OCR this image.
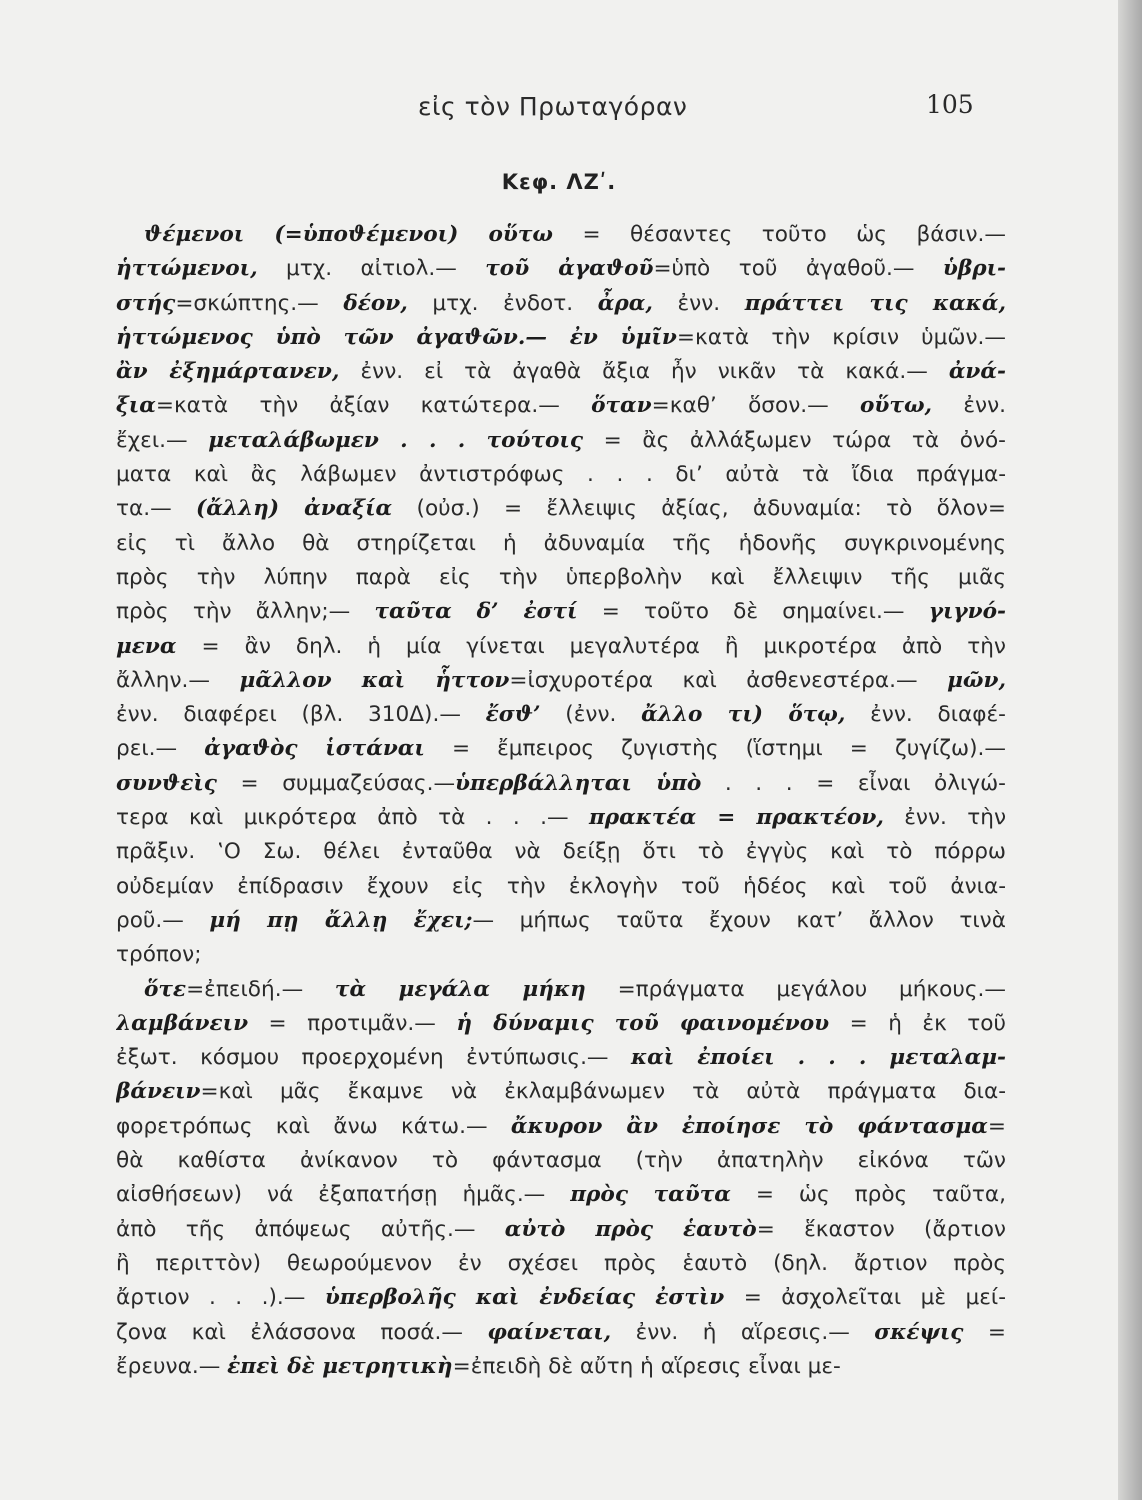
εἰς τὸν Πρωταγόραν	105
Κεφ. ΛΖʹ.
ϑέμενοι (=ὑποϑέμενοι) οὕτω = θέσαντες τοῦτο ὡς βάσιν.—
ἡττώμενοι, μτχ. αἰτιολ.— τοῦ ἀγαϑοῦ=ὑπὸ τοῦ ἀγαθοῦ.— ὑβρι-
στής=σκώπτης.— δέον, μτχ. ἐνδοτ. ἆρα, ἐνν. πράττει τις κακά,
ἡττώμενος ὑπὸ τῶν ἀγαϑῶν.— ἐν ὑμῖν=κατὰ τὴν κρίσιν ὑμῶν.—
ἂν ἐξημάρτανεν, ἐνν. εἰ τὰ ἀγαθὰ ἄξια ἦν νικᾶν τὰ κακά.— ἀνά-
ξια=κατὰ τὴν ἀξίαν κατώτερα.— ὅταν=καθ’ ὅσον.— οὕτω, ἐνν.
ἔχει.— μεταλάβωμεν . . . τούτοις = ἂς ἀλλάξωμεν τώρα τὰ ὀνό-
ματα καὶ ἂς λάβωμεν ἀντιστρόφως . . . δι’ αὐτὰ τὰ ἴδια πράγμα-
τα.— (ἄλλη) ἀναξία (οὐσ.) = ἔλλειψις ἀξίας, ἀδυναμία: τὸ ὅλον=
εἰς τὶ ἄλλο θὰ στηρίζεται ἡ ἀδυναμία τῆς ἡδονῆς συγκρινομένης
πρὸς τὴν λύπην παρὰ εἰς τὴν ὑπερβολὴν καὶ ἔλλειψιν τῆς μιᾶς
πρὸς τὴν ἄλλην;— ταῦτα δ’ ἐστί = τοῦτο δὲ σημαίνει.— γιγνό-
μενα = ἂν δηλ. ἡ μία γίνεται μεγαλυτέρα ἢ μικροτέρα ἀπὸ τὴν
ἄλλην.— μᾶλλον καὶ ἧττον=ἰσχυροτέρα καὶ ἀσθενεστέρα.— μῶν,
ἐνν. διαφέρει (βλ. 310Δ).— ἔσϑ’ (ἐνν. ἄλλο τι) ὅτῳ, ἐνν. διαφέ-
ρει.— ἀγαϑὸς ἱστάναι = ἔμπειρος ζυγιστὴς (ἵστημι = ζυγίζω).—
συνϑεὶς = συμμαζεύσας.—ὑπερβάλληται ὑπὸ . . . = εἶναι ὀλιγώ-
τερα καὶ μικρότερα ἀπὸ τὰ . . .— πρακτέα = πρακτέον, ἐνν. τὴν
πρᾶξιν. ‛Ο Σω. θέλει ἐνταῦθα νὰ δείξῃ ὅτι τὸ ἐγγὺς καὶ τὸ πόρρω
οὐδεμίαν ἐπίδρασιν ἔχουν εἰς τὴν ἐκλογὴν τοῦ ἡδέος καὶ τοῦ ἀνια-
ροῦ.— μή πῃ ἄλλῃ ἔχει;— μήπως ταῦτα ἔχουν κατ’ ἄλλον τινὰ
τρόπον;
ὅτε=ἐπειδή.— τὰ μεγάλα μήκη =πράγματα μεγάλου μήκους.—
λαμβάνειν = προτιμᾶν.— ἡ δύναμις τοῦ φαινομένου = ἡ ἐκ τοῦ
ἐξωτ. κόσμου προερχομένη ἐντύπωσις.— καὶ ἐποίει . . . μεταλαμ-
βάνειν=καὶ μᾶς ἔκαμνε νὰ ἐκλαμβάνωμεν τὰ αὐτὰ πράγματα δια-
φορετρόπως καὶ ἄνω κάτω.— ἄκυρον ἂν ἐποίησε τὸ φάντασμα=
θὰ καθίστα ἀνίκανον τὸ φάντασμα (τὴν ἀπατηλὴν εἰκόνα τῶν
αἰσθήσεων) νά ἐξαπατήσῃ ἡμᾶς.— πρὸς ταῦτα = ὡς πρὸς ταῦτα,
ἀπὸ τῆς ἀπόψεως αὐτῆς.— αὐτὸ πρὸς ἑαυτὸ= ἕκαστον (ἄρτιον
ἢ περιττὸν) θεωρούμενον ἐν σχέσει πρὸς ἑαυτὸ (δηλ. ἄρτιον πρὸς
ἄρτιον . . .).— ὑπερβολῆς καὶ ἐνδείας ἐστὶν = ἀσχολεῖται μὲ μεί-
ζονα καὶ ἐλάσσονα ποσά.— φαίνεται, ἐνν. ἡ αἵρεσις.— σκέψις =
ἔρευνα.— ἐπεὶ δὲ μετρητικὴ=ἐπειδὴ δὲ αὔτη ἡ αἵρεσις εἶναι με-
